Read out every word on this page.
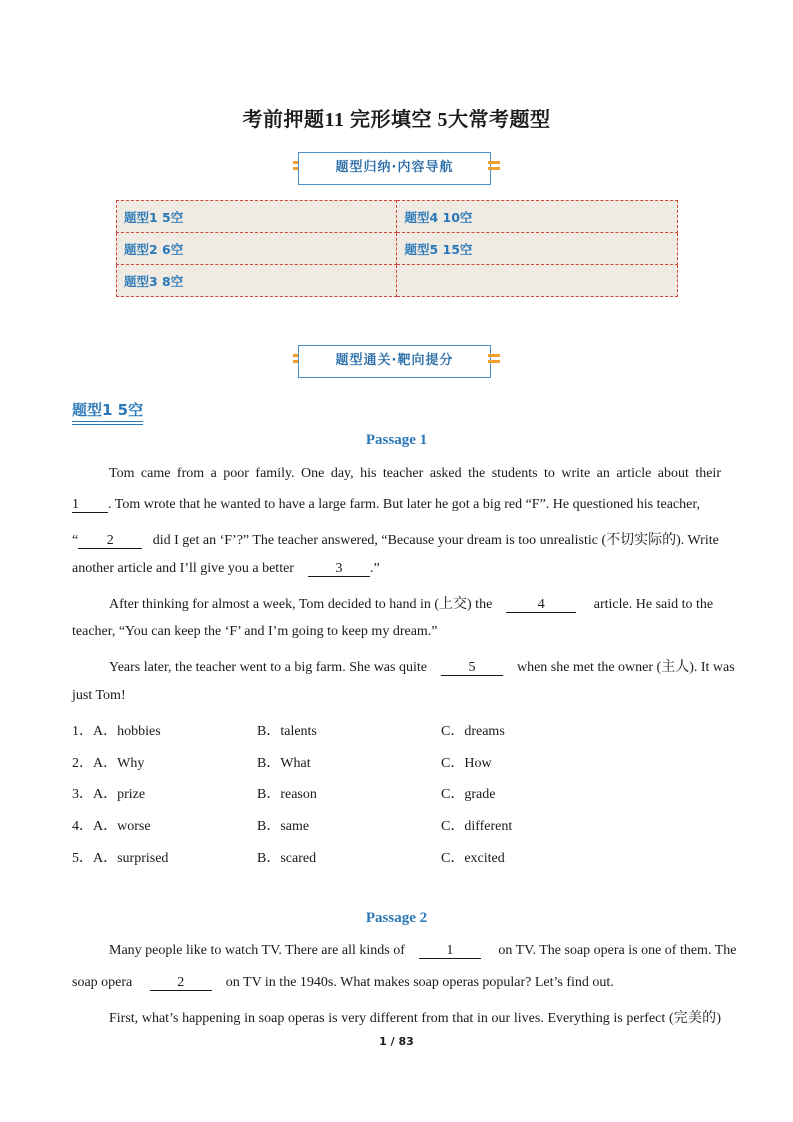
考前押题11 完形填空 5大常考题型
题型归纳·内容导航
题型1 5空	题型4 10空
题型2 6空	题型5 15空
题型3 8空	
题型通关·靶向提分
题型1 5空
Passage 1
Tom came from a poor family. One day, his teacher asked the students to write an article about their
1 . Tom wrote that he wanted to have a large farm. But later he got a big red “F”. He questioned his teacher,
“ 2	did I get an ‘F’?” The teacher answered, “Because your dream is too unrealistic (不切实际的). Write
another article and I’ll give you a better	3 .”
After thinking for almost a week, Tom decided to hand in (上交) the	4	article. He said to the
teacher, “You can keep the ‘F’ and I’m going to keep my dream.”
Years later, the teacher went to a big farm. She was quite	5	when she met the owner (主人). It was
just Tom!
1．A．hobbies	B．talents	C．dreams
2．A．Why	B．What	C．How
3．A．prize	B．reason	C．grade
4．A．worse	B．same	C．different
5．A．surprised	B．scared	C．excited
Passage 2
Many people like to watch TV. There are all kinds of	1	on TV. The soap opera is one of them. The
soap opera	2	on TV in the 1940s. What makes soap operas popular? Let’s find out.
First, what’s happening in soap operas is very different from that in our lives. Everything is perfect (完美的)
1 / 83
